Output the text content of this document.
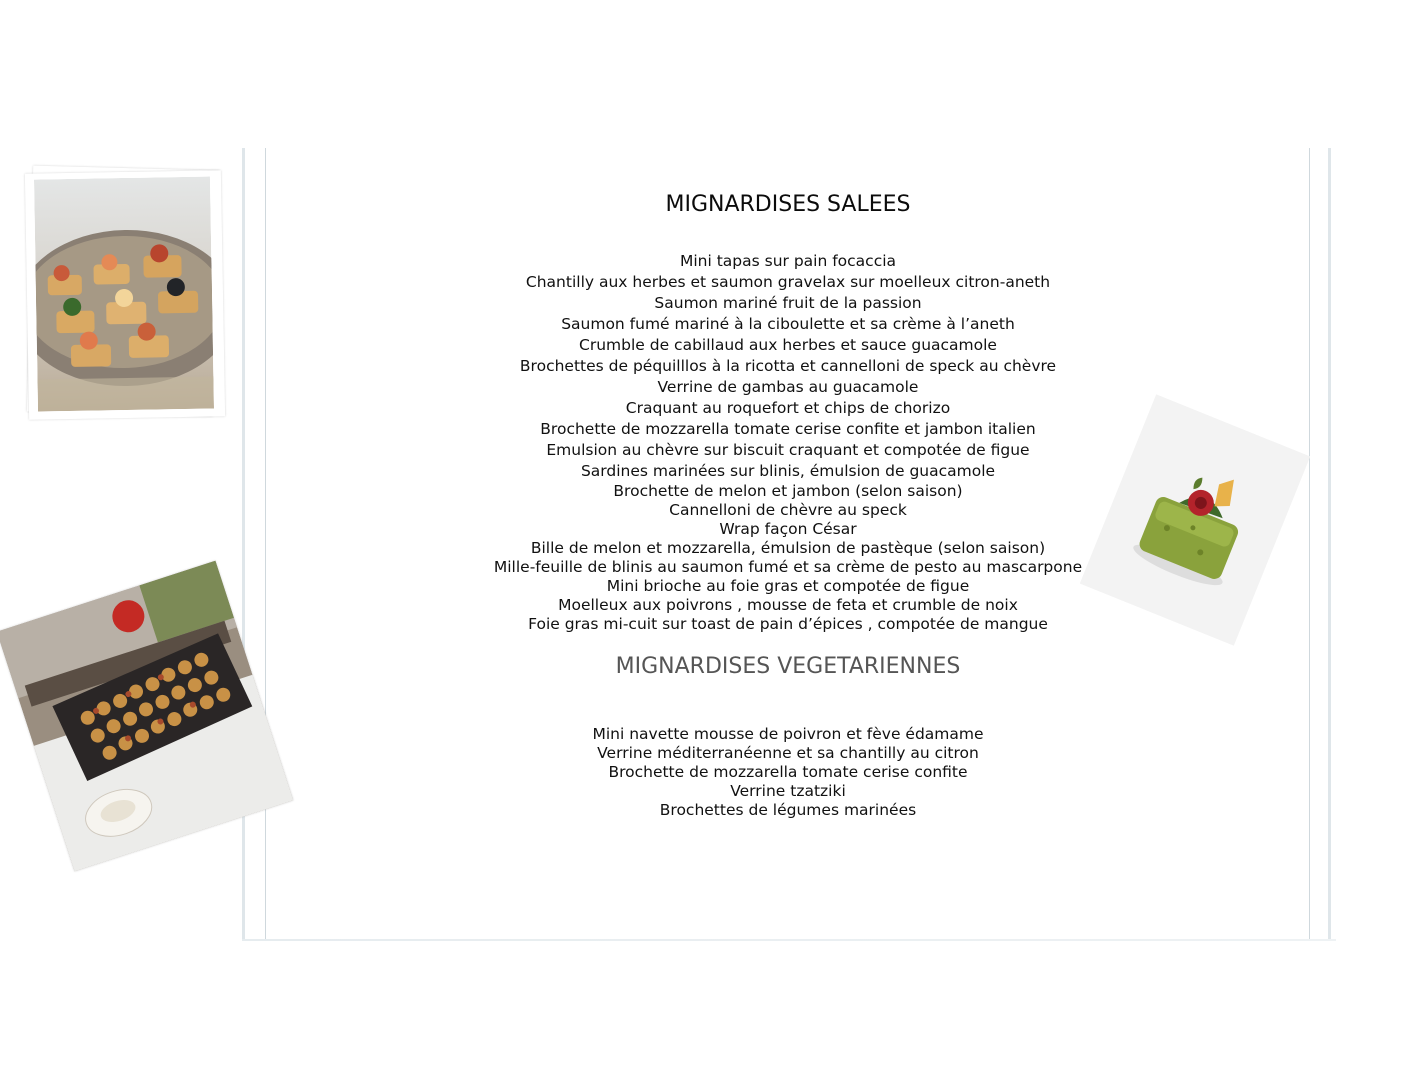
MIGNARDISES SALEES
Mini tapas sur pain focaccia
Chantilly aux herbes et saumon gravelax sur moelleux citron-aneth
Saumon mariné fruit de la passion
Saumon fumé mariné à la ciboulette et sa crème à l’aneth
Crumble de cabillaud aux herbes et sauce guacamole
Brochettes de péquilllos à la ricotta et cannelloni de speck au chèvre
Verrine de gambas au guacamole
Craquant au roquefort et chips de chorizo
Brochette de mozzarella tomate cerise confite et jambon italien
Emulsion au chèvre sur biscuit craquant et compotée de figue
Sardines marinées sur blinis, émulsion de guacamole
Brochette de melon et jambon (selon saison)
Cannelloni de chèvre au speck
Wrap façon César
Bille de melon et mozzarella, émulsion de pastèque (selon saison)
Mille-feuille de blinis au saumon fumé et sa crème de pesto au mascarpone
Mini brioche au foie gras et compotée de figue
Moelleux aux poivrons , mousse de feta et crumble de noix
Foie gras mi-cuit sur toast de pain d’épices , compotée de mangue
MIGNARDISES VEGETARIENNES
Mini navette mousse de poivron et fève édamame
Verrine méditerranéenne et sa chantilly au citron
Brochette de mozzarella tomate cerise confite
Verrine tzatziki
Brochettes de légumes marinées
